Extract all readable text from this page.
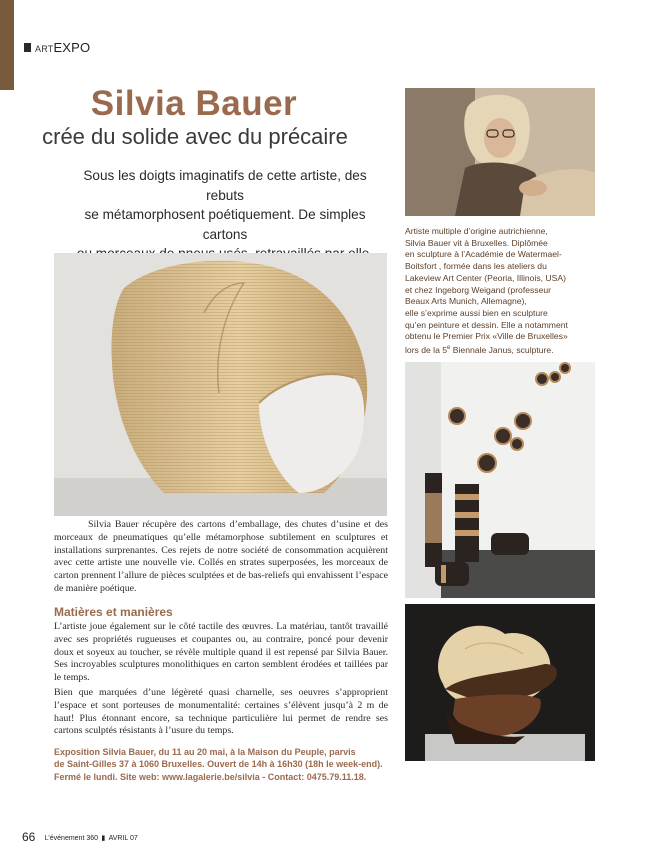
ARTEXPO
Silvia Bauer
crée du solide avec du précaire
Sous les doigts imaginatifs de cette artiste, des rebuts
se métamorphosent poétiquement. De simples cartons	Artiste multiple d’origine autrichienne,

Silvia Bauer vit à Bruxelles. Diplômée

en sculpture à l’Académie de Watermael-

Boitsfort , formée dans les ateliers du

Lakeview Art Center (Peoria, Illinois, USA)

et chez Ingeborg Weigand (professeur

Beaux Arts Munich, Allemagne),

elle s’exprime aussi bien en sculpture

qu’en peinture et dessin. Elle a notamment

obtenu le Premier Prix «Ville de Bruxelles»

lors de la 5e Biennale Janus, sculpture.

Silvia Bauer récupère des cartons d’emballage, des chutes d’usine et des morceaux de pneumatiques qu’elle métamorphose subtilement en sculptures et installations surprenantes. Ces rejets de notre société de consommation acquièrent avec cette artiste une nouvelle vie. Collés en strates superposées, les morceaux de carton prennent l’allure de pièces sculptées et de bas-reliefs qui envahissent l’espace de manière poétique.

Matières et manières

L’artiste joue également sur le côté tactile des œuvres. La matériau, tantôt travaillé avec ses propriétés rugueuses et coupantes ou, au contraire, poncé pour devenir doux et soyeux au toucher, se révèle multiple quand il est repensé par Silvia Bauer. Ses incroyables sculptures monolithiques en carton semblent érodées et taillées par le temps.

Bien que marquées d’une légèreté quasi charnelle, ses oeuvres s’approprient l’espace et sont porteuses de monumentalité: certaines s’élèvent jusqu’à 2 m de haut! Plus étonnant encore, sa technique particulière lui permet de rendre ses cartons sculptés résistants à l’usure du temps.

Exposition Silvia Bauer, du 11 au 20 mai, à la Maison du Peuple, parvis

de Saint-Gilles 37 à 1060 Bruxelles. Ouvert de 14h à 16h30 (18h le week-end).

Fermé le lundi. Site web: www.lagalerie.be/silvia - Contact: 0475.79.11.18.

66 L’événement 360 ▮ AVRIL 07
